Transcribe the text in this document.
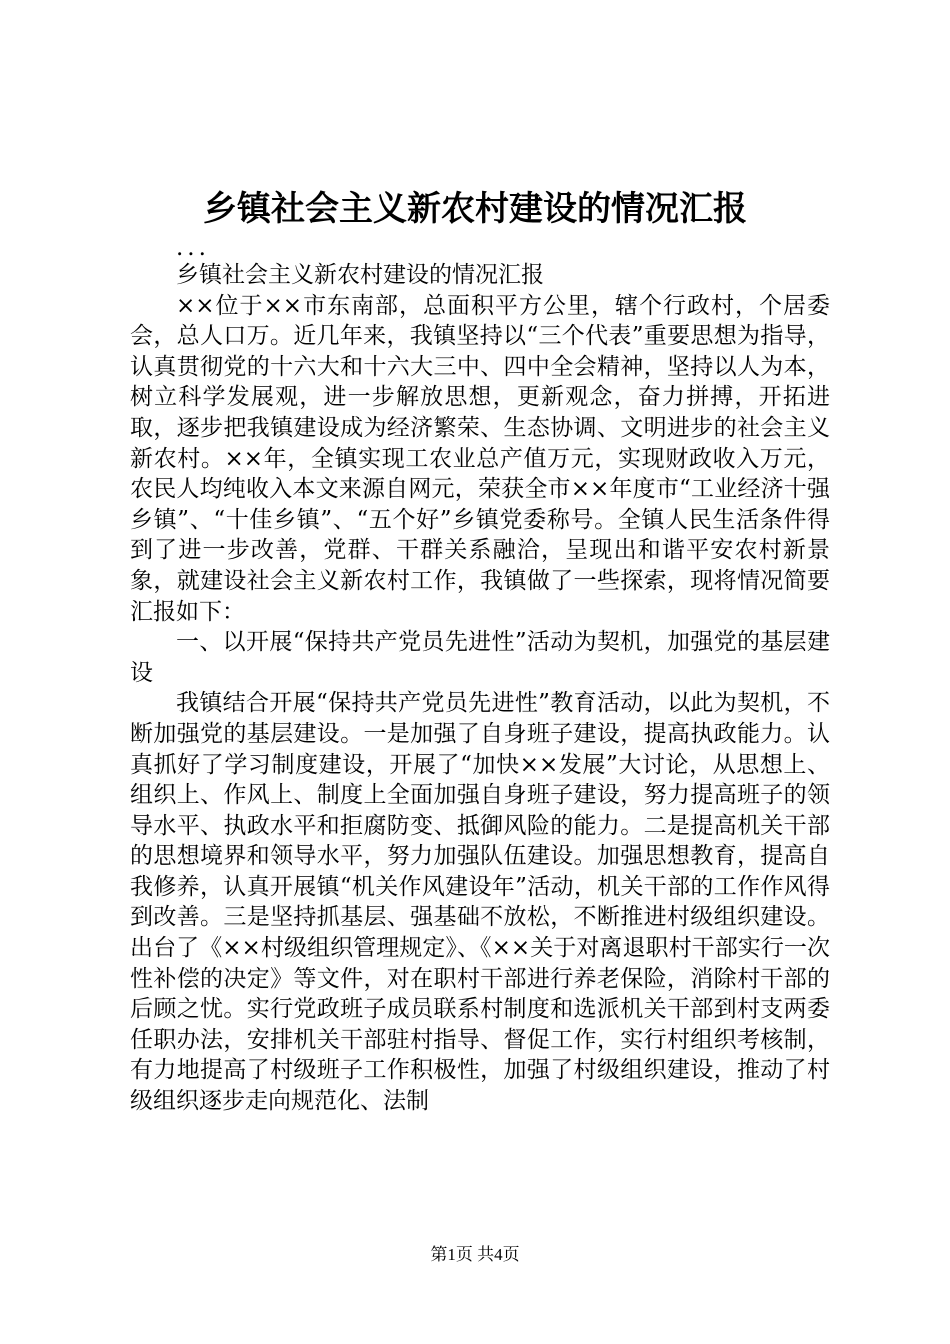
乡镇社会主义新农村建设的情况汇报

...

乡镇社会主义新农村建设的情况汇报

××位于××市东南部，总面积平方公里，辖个行政村，个居委会，总人口万。近几年来，我镇坚持以“三个代表”重要思想为指导，认真贯彻党的十六大和十六大三中、四中全会精神，坚持以人为本，树立科学发展观，进一步解放思想，更新观念，奋力拼搏，开拓进取，逐步把我镇建设成为经济繁荣、生态协调、文明进步的社会主义新农村。××年，全镇实现工农业总产值万元，实现财政收入万元，农民人均纯收入本文来源自网元，荣获全市××年度市“工业经济十强乡镇”、“十佳乡镇”、“五个好”乡镇党委称号。全镇人民生活条件得到了进一步改善，党群、干群关系融洽，呈现出和谐平安农村新景象，就建设社会主义新农村工作，我镇做了一些探索，现将情况简要汇报如下：

一、以开展“保持共产党员先进性”活动为契机，加强党的基层建设

我镇结合开展“保持共产党员先进性”教育活动，以此为契机，不断加强党的基层建设。一是加强了自身班子建设，提高执政能力。认真抓好了学习制度建设，开展了“加快××发展”大讨论，从思想上、组织上、作风上、制度上全面加强自身班子建设，努力提高班子的领导水平、执政水平和拒腐防变、抵御风险的能力。二是提高机关干部的思想境界和领导水平，努力加强队伍建设。加强思想教育，提高自我修养，认真开展镇“机关作风建设年”活动，机关干部的工作作风得到改善。三是坚持抓基层、强基础不放松，不断推进村级组织建设。出台了《××村级组织管理规定》、《××关于对离退职村干部实行一次性补偿的决定》等文件，对在职村干部进行养老保险，消除村干部的后顾之忧。实行党政班子成员联系村制度和选派机关干部到村支两委任职办法，安排机关干部驻村指导、督促工作，实行村组织考核制，有力地提高了村级班子工作积极性，加强了村级组织建设，推动了村级组织逐步走向规范化、法制

第1页 共4页
